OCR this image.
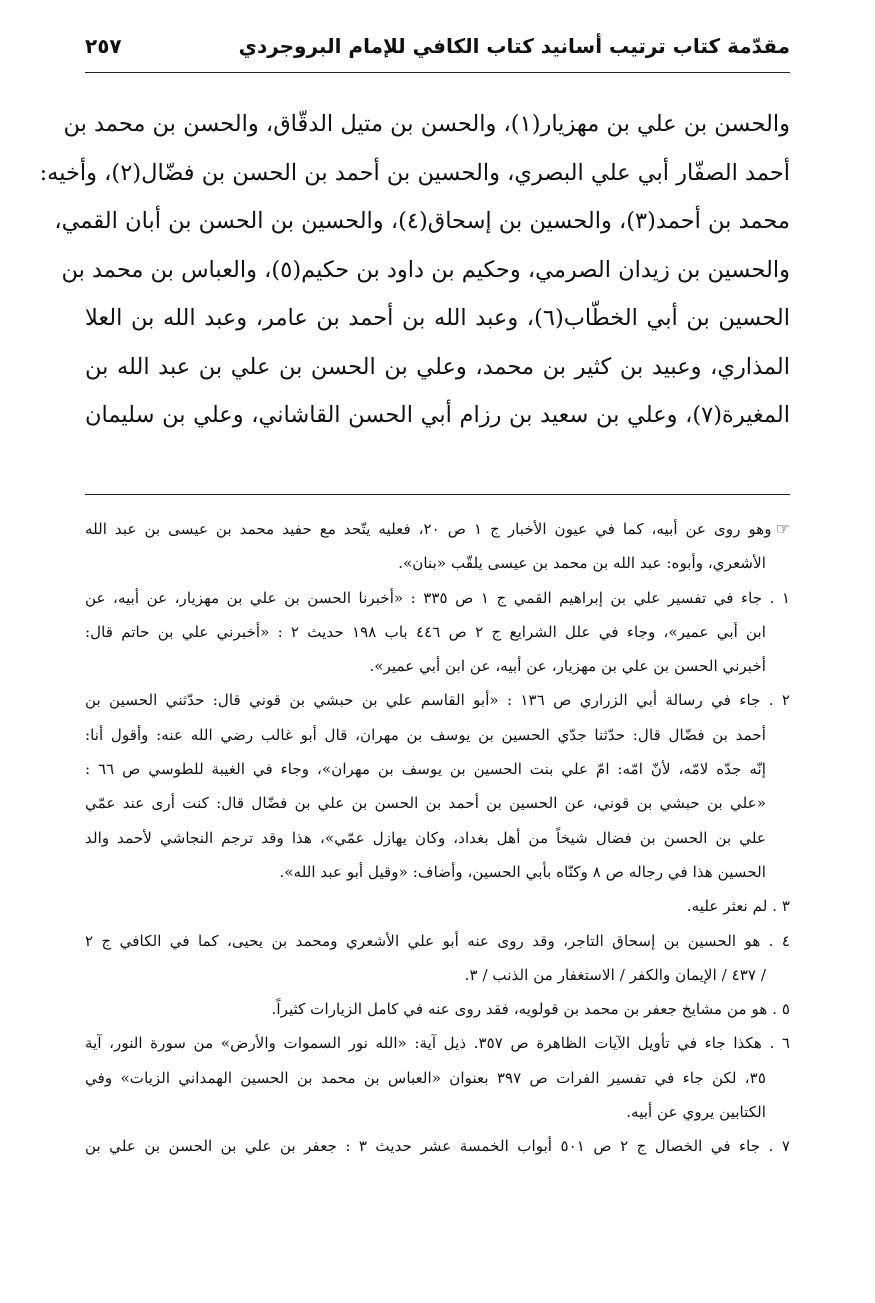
مقدّمة كتاب ترتيب أسانيد كتاب الكافي للإمام البروجردي
٢٥٧
والحسن بن علي بن مهزيار(١)، والحسن بن متيل الدقّاق، والحسن بن محمد بن
أحمد الصفّار أبي علي البصري، والحسين بن أحمد بن الحسن بن فضّال(٢)، وأخيه:
محمد بن أحمد(٣)، والحسين بن إسحاق(٤)، والحسين بن الحسن بن أبان القمي،
والحسين بن زيدان الصرمي، وحكيم بن داود بن حكيم(٥)، والعباس بن محمد بن
الحسين بن أبي الخطّاب(٦)، وعبد الله بن أحمد بن عامر، وعبد الله بن العلا
المذاري، وعبيد بن كثير بن محمد، وعلي بن الحسن بن علي بن عبد الله بن
المغيرة(٧)، وعلي بن سعيد بن رزام أبي الحسن القاشاني، وعلي بن سليمان
☞وهو روى عن أبيه، كما في عيون الأخبار ج ١ ص ٢٠، فعليه يتّحد مع حفيد محمد بن عيسى بن عبد الله
الأشعري، وأبوه: عبد الله بن محمد بن عيسى يلقّب «بنان».
١ . جاء في تفسير علي بن إبراهيم القمي ج ١ ص ٣٣٥ : «أخبرنا الحسن بن علي بن مهزيار، عن أبيه، عن
ابن أبي عمير»، وجاء في علل الشرايع ج ٢ ص ٤٤٦ باب ١٩٨ حديث ٢ : «أخبرني علي بن حاتم قال:
أخبرني الحسن بن علي بن مهزيار، عن أبيه، عن ابن أبي عمير».
٢ . جاء في رسالة أبي الزراري ص ١٣٦ : «أبو القاسم علي بن حبشي بن قوني قال: حدّثني الحسين بن
أحمد بن فضّال قال: حدّثنا جدّي الحسين بن يوسف بن مهران، قال أبو غالب رضي الله عنه: وأقول أنا:
إنّه جدّه لامّه، لأنّ امّه: امّ علي بنت الحسين بن يوسف بن مهران»، وجاء في الغيبة للطوسي ص ٦٦ :
«علي بن حبشي بن قوني، عن الحسين بن أحمد بن الحسن بن علي بن فضّال قال: كنت أرى عند عمّي
علي بن الحسن بن فضال شيخاً من أهل بغداد، وكان يهازل عمّي»، هذا وقد ترجم النجاشي لأحمد والد
الحسين هذا في رجاله ص ٨ وكنّاه بأبي الحسين، وأضاف: «وقيل أبو عبد الله».
٣ . لم نعثر عليه.
٤ . هو الحسين بن إسحاق التاجر، وقد روى عنه أبو علي الأشعري ومحمد بن يحيى، كما في الكافي ج ٢
/ ٤٣٧ / الإيمان والكفر / الاستغفار من الذنب / ٣.
٥ . هو من مشايخ جعفر بن محمد بن قولويه، فقد روى عنه في كامل الزيارات كثيراً.
٦ . هكذا جاء في تأويل الآيات الظاهرة ص ٣٥٧. ذيل آية: «الله نور السموات والأرض» من سورة النور، آية
٣٥، لكن جاء في تفسير الفرات ص ٣٩٧ بعنوان «العباس بن محمد بن الحسين الهمداني الزيات» وفي
الكتابين يروي عن أبيه.
٧ . جاء في الخصال ج ٢ ص ٥٠١ أبواب الخمسة عشر حديث ٣ : جعفر بن علي بن الحسن بن علي بن
